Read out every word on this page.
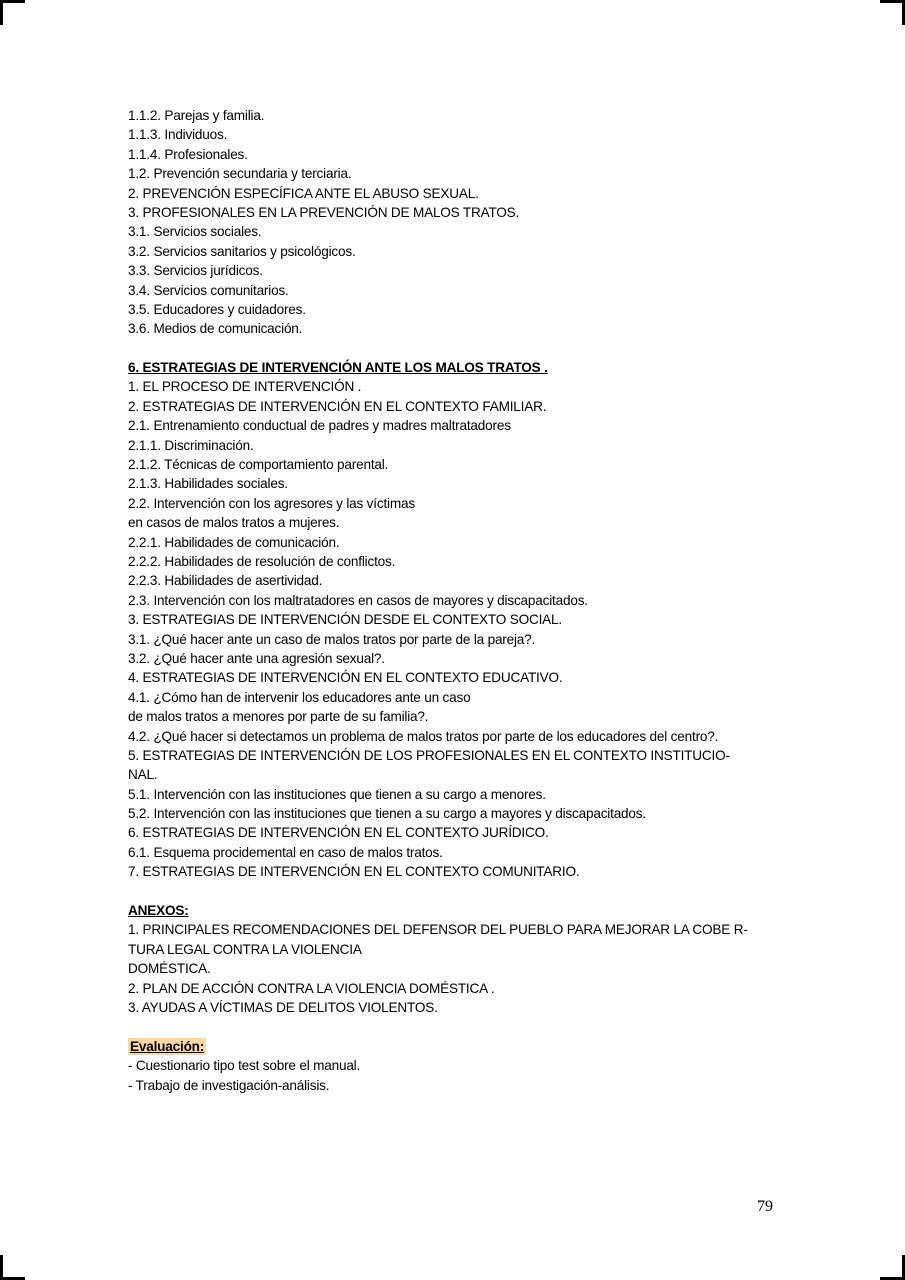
1.1.2. Parejas y familia.
1.1.3. Individuos.
1.1.4. Profesionales.
1.2. Prevención secundaria y terciaria.
2. PREVENCIÓN ESPECÍFICA ANTE EL ABUSO SEXUAL.
3. PROFESIONALES EN LA PREVENCIÓN DE MALOS TRATOS.
3.1. Servicios sociales.
3.2. Servicios sanitarios y psicológicos.
3.3. Servicios jurídicos.
3.4. Servicios comunitarios.
3.5. Educadores y cuidadores.
3.6. Medios de comunicación.
6. ESTRATEGIAS DE INTERVENCIÓN ANTE LOS MALOS TRATOS .
1. EL PROCESO DE INTERVENCIÓN .
2. ESTRATEGIAS DE INTERVENCIÓN EN EL CONTEXTO FAMILIAR.
2.1. Entrenamiento conductual de padres y madres maltratadores
2.1.1. Discriminación.
2.1.2. Técnicas de comportamiento parental.
2.1.3. Habilidades sociales.
2.2. Intervención con los agresores y las víctimas
en casos de malos tratos a mujeres.
2.2.1. Habilidades de comunicación.
2.2.2. Habilidades de resolución de conflictos.
2.2.3. Habilidades de asertividad.
2.3. Intervención con los maltratadores en casos de mayores y discapacitados.
3. ESTRATEGIAS DE INTERVENCIÓN DESDE EL CONTEXTO SOCIAL.
3.1. ¿Qué hacer ante un caso de malos tratos por parte de la pareja?.
3.2. ¿Qué hacer ante una agresión sexual?.
4. ESTRATEGIAS DE INTERVENCIÓN EN EL CONTEXTO EDUCATIVO.
4.1. ¿Cómo han de intervenir los educadores ante un caso
de malos tratos a menores por parte de su familia?.
4.2. ¿Qué hacer si detectamos un problema de malos tratos por parte de los educadores del centro?.
5. ESTRATEGIAS DE INTERVENCIÓN DE LOS PROFESIONALES EN EL CONTEXTO INSTITUCIO-
NAL.
5.1. Intervención con las instituciones que tienen a su cargo a menores.
5.2. Intervención con las instituciones que tienen a su cargo a mayores y discapacitados.
6. ESTRATEGIAS DE INTERVENCIÓN EN EL CONTEXTO JURÍDICO.
6.1. Esquema procidemental en caso de malos tratos.
7. ESTRATEGIAS DE INTERVENCIÓN EN EL CONTEXTO COMUNITARIO.
ANEXOS:
1. PRINCIPALES RECOMENDACIONES DEL DEFENSOR DEL PUEBLO PARA MEJORAR LA COBE R-
TURA LEGAL CONTRA LA VIOLENCIA
DOMÉSTICA.
2. PLAN DE ACCIÓN CONTRA LA VIOLENCIA DOMÉSTICA .
3. AYUDAS A VÍCTIMAS DE DELITOS VIOLENTOS.
Evaluación:
- Cuestionario tipo test sobre el manual.
- Trabajo de investigación-análisis.
79
